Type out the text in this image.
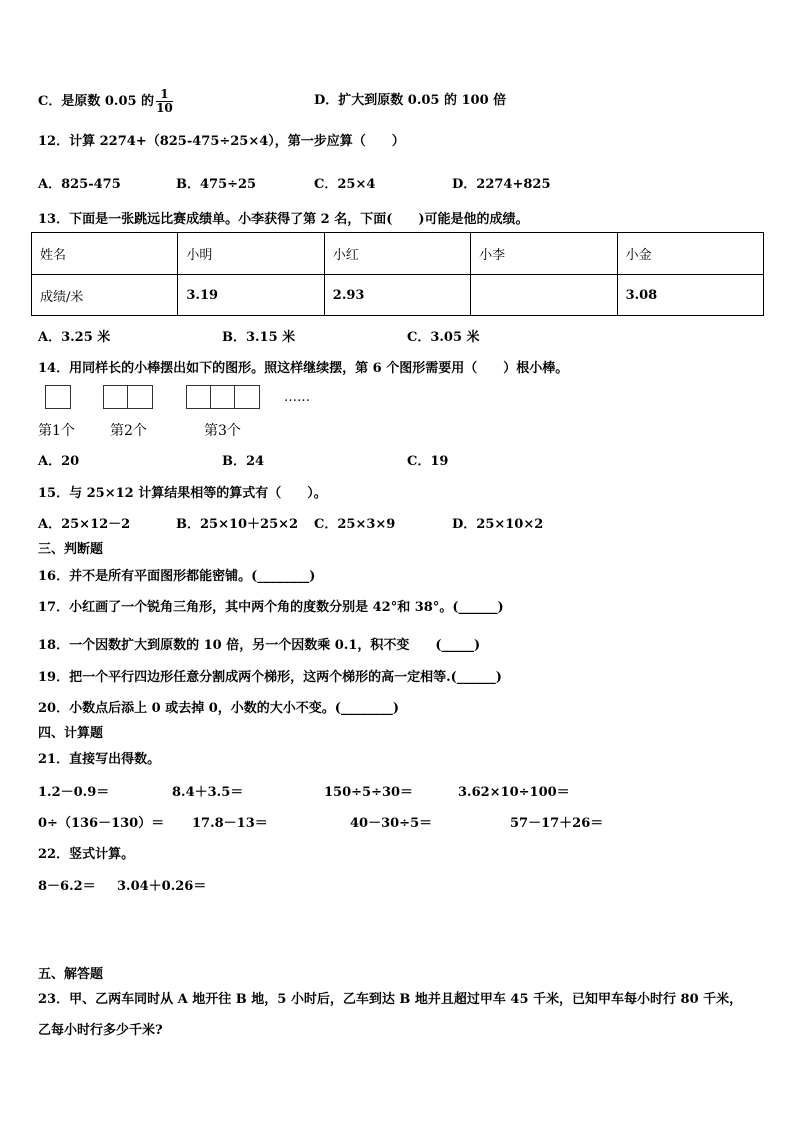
C．是原数 0.05 的 $\frac{1}{10}$	D．扩大到原数 0.05 的 100 倍
12．计算 2274+（825-475÷25×4），第一步应算（　　）
A．825-475	B．475÷25	C．25×4	D．2274+825
13．下面是一张跳远比赛成绩单。小李获得了第 2 名，下面(　　)可能是他的成绩。
姓名	小明	小红	小李	小金
成绩/米	3.19	2.93		3.08
A．3.25 米	B．3.15 米	C．3.05 米
14．用同样长的小棒摆出如下的图形。照这样继续摆，第 6 个图形需要用（　　）根小棒。
……
第1个	第2个	第3个
A．20	B．24	C．19
15．与 25×12 计算结果相等的算式有（　　）。
A．25×12－2	B．25×10＋25×2 C．25×3×9	D．25×10×2
三、判断题
16．并不是所有平面图形都能密铺。(________)
17．小红画了一个锐角三角形，其中两个角的度数分别是 42°和 38°。(______)
18．一个因数扩大到原数的 10 倍，另一个因数乘 0.1，积不变　　(_____)
19．把一个平行四边形任意分割成两个梯形，这两个梯形的高一定相等.(______)
20．小数点后添上 0 或去掉 0，小数的大小不变。(________)
四、计算题
21．直接写出得数。
1.2－0.9＝	8.4＋3.5＝	150÷5÷30＝	3.62×10÷100＝
0÷（136－130）＝ 17.8－13＝	40－30÷5＝	57－17＋26＝
22．竖式计算。
8－6.2＝ 3.04＋0.26＝
五、解答题
23．甲、乙两车同时从 A 地开往 B 地，5 小时后，乙车到达 B 地并且超过甲车 45 千米，已知甲车每小时行 80 千米，
乙每小时行多少千米?
